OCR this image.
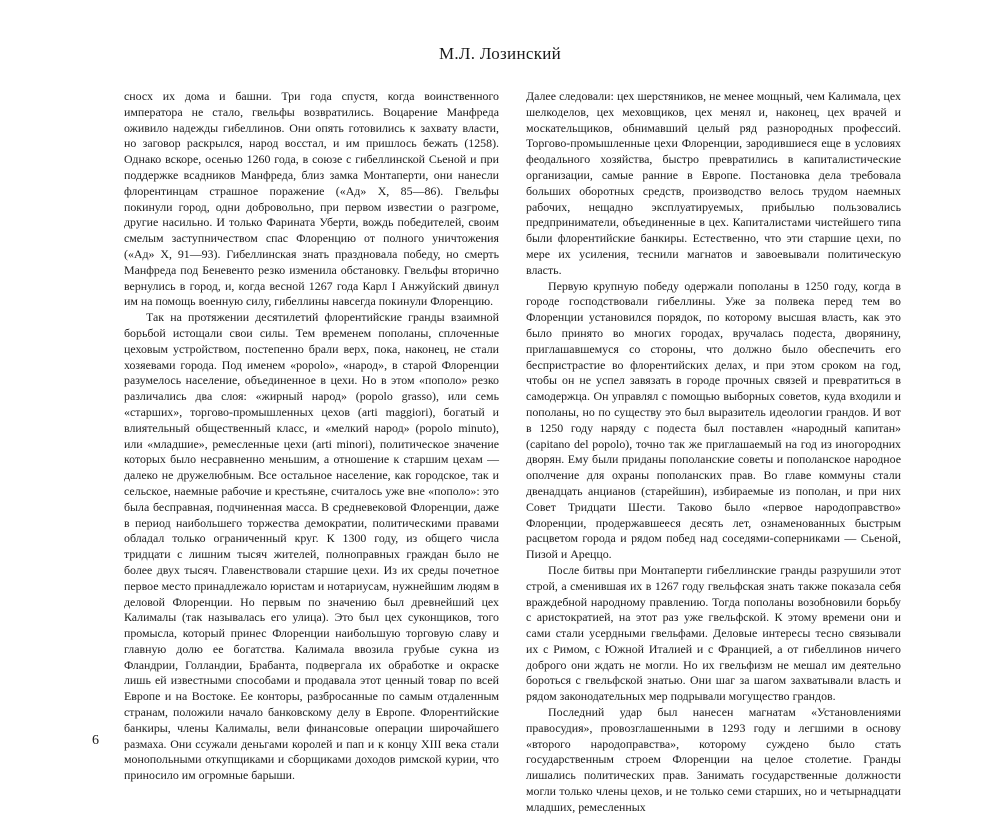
М.Л. Лозинский

сносх их дома и башни. Три года спустя, когда воинственного императора не стало, гвельфы возвратились. Воцарение Манфреда оживило надежды гибеллинов. Они опять готовились к захвату власти, но заговор раскрылся, народ восстал, и им пришлось бежать (1258). Однако вскоре, осенью 1260 года, в союзе с гибеллинской Сьеной и при поддержке всадников Манфреда, близ замка Монтаперти, они нанесли флорентинцам страшное поражение («Ад» X, 85—86). Гвельфы покинули город, одни добровольно, при первом известии о разгроме, другие насильно. И только Фарината Уберти, вождь победителей, своим смелым заступничеством спас Флоренцию от полного уничтожения («Ад» X, 91—93). Гибеллинская знать праздновала победу, но смерть Манфреда под Беневенто резко изменила обстановку. Гвельфы вторично вернулись в город, и, когда весной 1267 года Карл I Анжуйский двинул им на помощь военную силу, гибеллины навсегда покинули Флоренцию.

Так на протяжении десятилетий флорентийские гранды взаимной борьбой истощали свои силы. Тем временем пополаны, сплоченные цеховым устройством, постепенно брали верх, пока, наконец, не стали хозяевами города. Под именем «popolo», «народ», в старой Флоренции разумелось население, объединенное в цехи. Но в этом «пополо» резко различались два слоя: «жирный народ» (popolo grasso), или семь «старших», торгово-промышленных цехов (arti maggiori), богатый и влиятельный общественный класс, и «мелкий народ» (popolo minuto), или «младшие», ремесленные цехи (arti minori), политическое значение которых было несравненно меньшим, а отношение к старшим цехам — далеко не дружелюбным. Все остальное население, как городское, так и сельское, наемные рабочие и крестьяне, считалось уже вне «пополо»: это была бесправная, подчиненная масса. В средневековой Флоренции, даже в период наибольшего торжества демократии, политическими правами обладал только ограниченный круг. К 1300 году, из общего числа тридцати с лишним тысяч жителей, полноправных граждан было не более двух тысяч. Главенствовали старшие цехи. Из их среды почетное первое место принадлежало юристам и нотариусам, нужнейшим людям в деловой Флоренции. Но первым по значению был древнейший цех Калималы (так называлась его улица). Это был цех суконщиков, того промысла, который принес Флоренции наибольшую торговую славу и главную долю ее богатства. Калимала ввозила грубые сукна из Фландрии, Голландии, Брабанта, подвергала их обработке и окраске лишь ей известными способами и продавала этот ценный товар по всей Европе и на Востоке. Ее конторы, разбросанные по самым отдаленным странам, положили начало банковскому делу в Европе. Флорентийские банкиры, члены Калималы, вели финансовые операции широчайшего размаха. Они ссужали деньгами королей и пап и к концу XIII века стали монопольными откупщиками и сборщиками доходов римской курии, что приносило им огромные барыши.

Далее следовали: цех шерстяников, не менее мощный, чем Калимала, цех шелкоделов, цех меховщиков, цех менял и, наконец, цех врачей и москательщиков, обнимавший целый ряд разнородных профессий. Торгово-промышленные цехи Флоренции, зародившиеся еще в условиях феодального хозяйства, быстро превратились в капиталистические организации, самые ранние в Европе. Постановка дела требовала больших оборотных средств, производство велось трудом наемных рабочих, нещадно эксплуатируемых, прибылью пользовались предприниматели, объединенные в цех. Капиталистами чистейшего типа были флорентийские банкиры. Естественно, что эти старшие цехи, по мере их усиления, теснили магнатов и завоевывали политическую власть.

Первую крупную победу одержали пополаны в 1250 году, когда в городе господствовали гибеллины. Уже за полвека перед тем во Флоренции установился порядок, по которому высшая власть, как это было принято во многих городах, вручалась подеста, дворянину, приглашавшемуся со стороны, что должно было обеспечить его беспристрастие во флорентийских делах, и при этом сроком на год, чтобы он не успел завязать в городе прочных связей и превратиться в самодержца. Он управлял с помощью выборных советов, куда входили и пополаны, но по существу это был выразитель идеологии грандов. И вот в 1250 году наряду с подеста был поставлен «народный капитан» (capitano del popolo), точно так же приглашаемый на год из иногородних дворян. Ему были приданы пополанские советы и пополанское народное ополчение для охраны пополанских прав. Во главе коммуны стали двенадцать анцианов (старейшин), избираемые из пополан, и при них Совет Тридцати Шести. Таково было «первое народоправство» Флоренции, продержавшееся десять лет, ознаменованных быстрым расцветом города и рядом побед над соседями-соперниками — Сьеной, Пизой и Ареццо.

После битвы при Монтаперти гибеллинские гранды разрушили этот строй, а сменившая их в 1267 году гвельфская знать также показала себя враждебной народному правлению. Тогда пополаны возобновили борьбу с аристократией, на этот раз уже гвельфской. К этому времени они и сами стали усердными гвельфами. Деловые интересы тесно связывали их с Римом, с Южной Италией и с Францией, а от гибеллинов ничего доброго они ждать не могли. Но их гвельфизм не мешал им деятельно бороться с гвельфской знатью. Они шаг за шагом захватывали власть и рядом законодательных мер подрывали могущество грандов.

Последний удар был нанесен магнатам «Установлениями правосудия», провозглашенными в 1293 году и легшими в основу «второго народоправства», которому суждено было стать государственным строем Флоренции на целое столетие. Гранды лишались политических прав. Занимать государственные должности могли только члены цехов, и не только семи старших, но и четырнадцати младших, ремесленных

6
